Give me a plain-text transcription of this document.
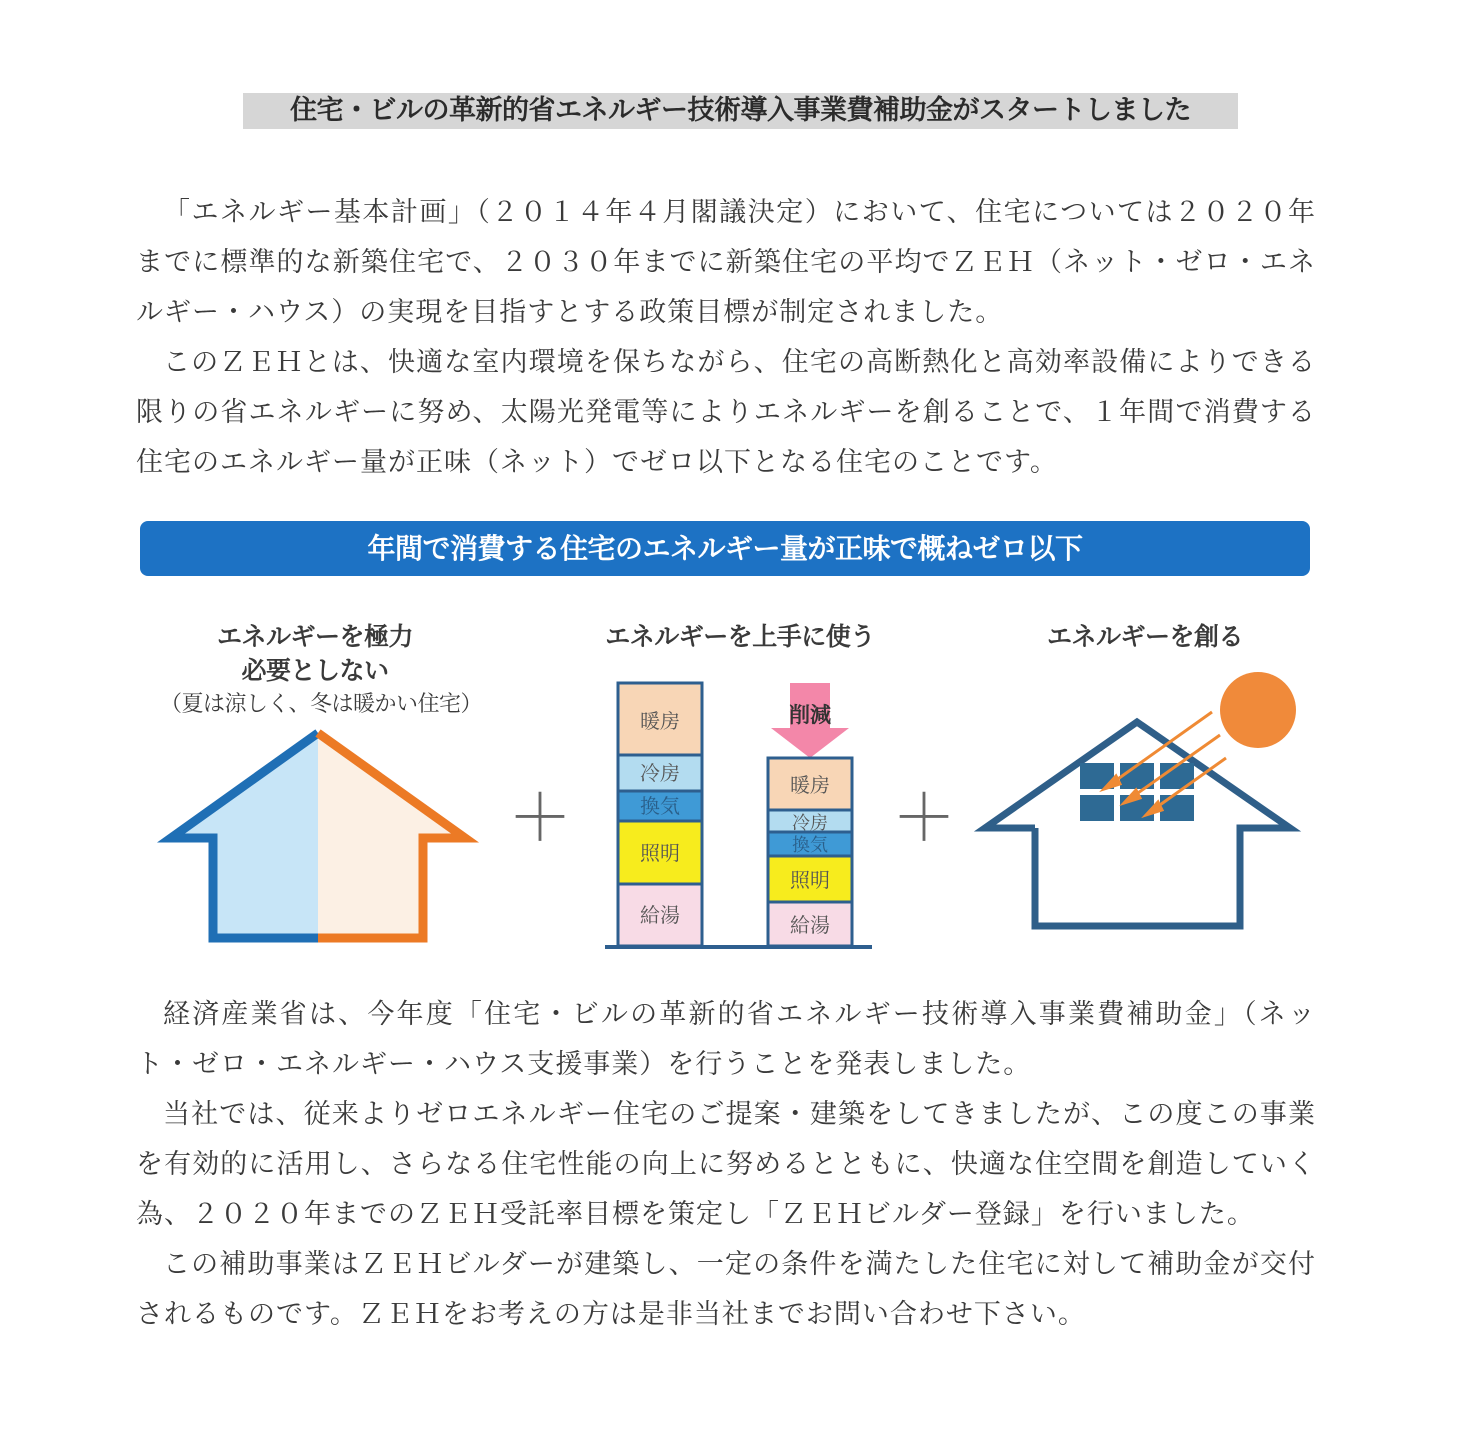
住宅・ビルの革新的省エネルギー技術導入事業費補助金がスタートしました

「エネルギー基本計画」（２０１４年４月閣議決定）において、住宅については２０２０年までに標準的な新築住宅で、２０３０年までに新築住宅の平均でＺＥＨ（ネット・ゼロ・エネルギー・ハウス）の実現を目指すとする政策目標が制定されました。

このＺＥＨとは、快適な室内環境を保ちながら、住宅の高断熱化と高効率設備によりできる限りの省エネルギーに努め、太陽光発電等によりエネルギーを創ることで、１年間で消費する住宅のエネルギー量が正味（ネット）でゼロ以下となる住宅のことです。

年間で消費する住宅のエネルギー量が正味で概ねゼロ以下
エネルギーを極力
必要としない
（夏は涼しく、冬は暖かい住宅）
エネルギーを上手に使う	エネルギーを創る
＋	＋
暖房
冷房
換気
照明
給湯
削減
暖房
冷房
換気
照明
給湯

経済産業省は、今年度「住宅・ビルの革新的省エネルギー技術導入事業費補助金」（ネット・ゼロ・エネルギー・ハウス支援事業）を行うことを発表しました。

当社では、従来よりゼロエネルギー住宅のご提案・建築をしてきましたが、この度この事業を有効的に活用し、さらなる住宅性能の向上に努めるとともに、快適な住空間を創造していく為、２０２０年までのＺＥＨ受託率目標を策定し「ＺＥＨビルダー登録」を行いました。

この補助事業はＺＥＨビルダーが建築し、一定の条件を満たした住宅に対して補助金が交付されるものです。ＺＥＨをお考えの方は是非当社までお問い合わせ下さい。
